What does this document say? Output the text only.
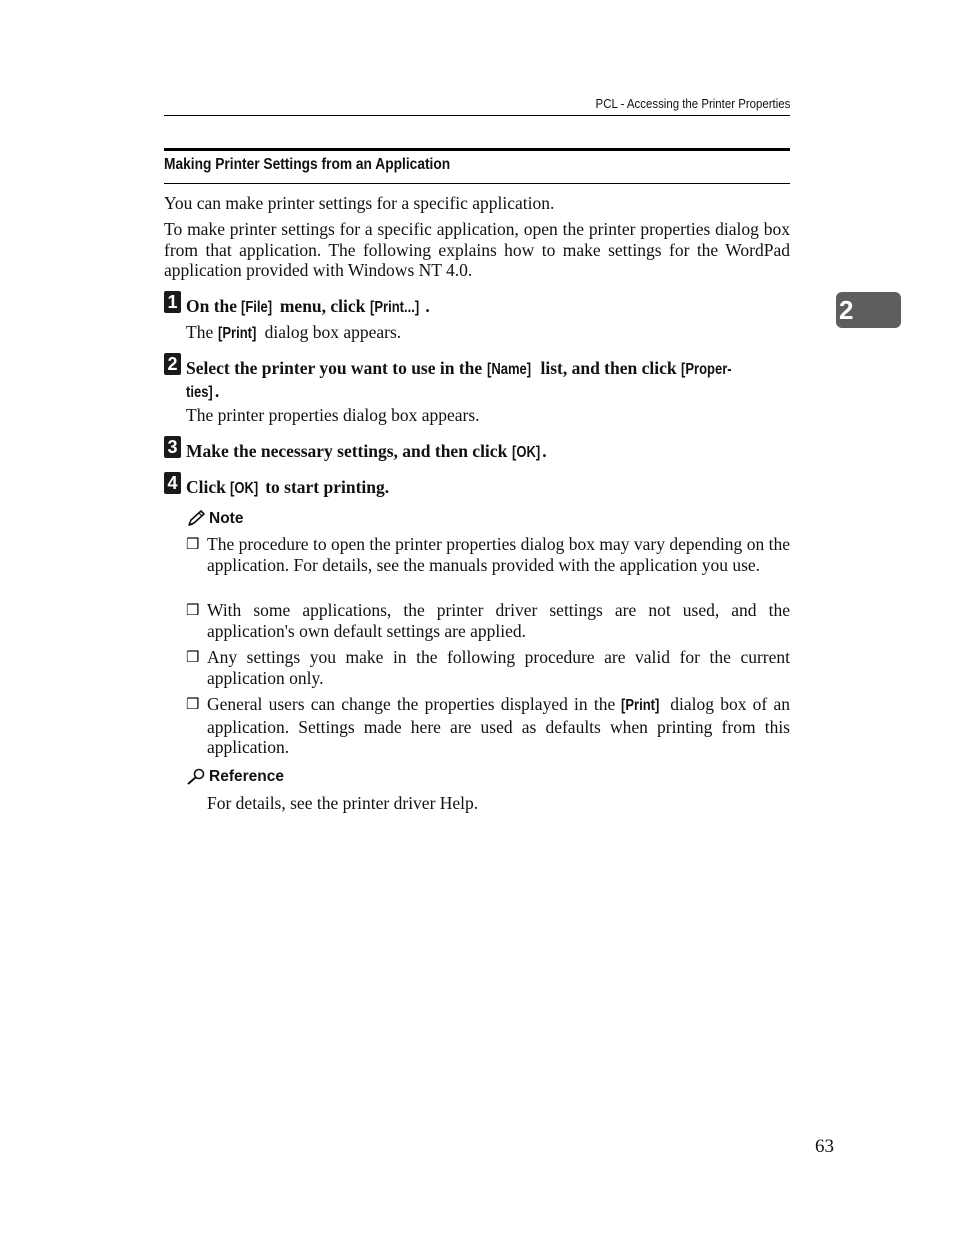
PCL - Accessing the Printer Properties
Making Printer Settings from an Application
You can make printer settings for a specific application.
To make printer settings for a specific application, open the printer properties dialog box from that application. The following explains how to make settings for the WordPad application provided with Windows NT 4.0.
2
1 On the [File] menu, click [Print...] .
The [Print] dialog box appears.
2 Select the printer you want to use in the [Name] list, and then click [Proper-
ties] .
The printer properties dialog box appears.
3 Make the necessary settings, and then click [OK] .
4 Click [OK] to start printing.
Note
❒ The procedure to open the printer properties dialog box may vary depending on the application. For details, see the manuals provided with the application you use.
❒ With some applications, the printer driver settings are not used, and the application's own default settings are applied.
❒ Any settings you make in the following procedure are valid for the current application only.
❒ General users can change the properties displayed in the [Print] dialog box of an application. Settings made here are used as defaults when printing from this application.
Reference
For details, see the printer driver Help.
63
